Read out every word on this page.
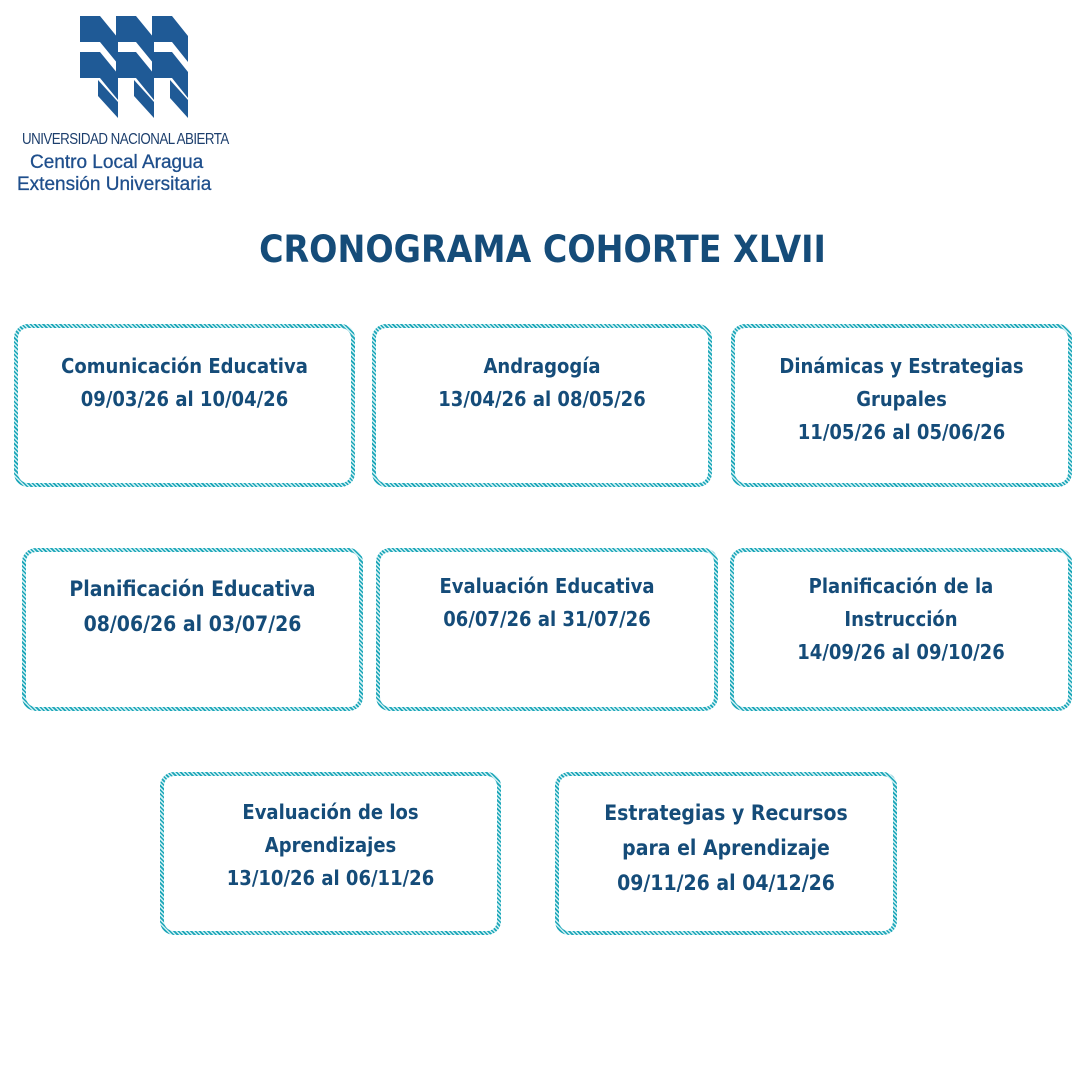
UNIVERSIDAD NACIONAL ABIERTA
Centro Local Aragua
Extensión Universitaria
CRONOGRAMA COHORTE XLVII
Comunicación Educativa
09/03/26 al 10/04/26
Andragogía
13/04/26 al 08/05/26
Dinámicas y Estrategias
Grupales
11/05/26 al 05/06/26
Planificación Educativa
08/06/26 al 03/07/26
Evaluación Educativa
06/07/26 al 31/07/26
Planificación de la
Instrucción
14/09/26 al 09/10/26
Evaluación de los
Aprendizajes
13/10/26 al 06/11/26
Estrategias y Recursos
para el Aprendizaje
09/11/26 al 04/12/26
